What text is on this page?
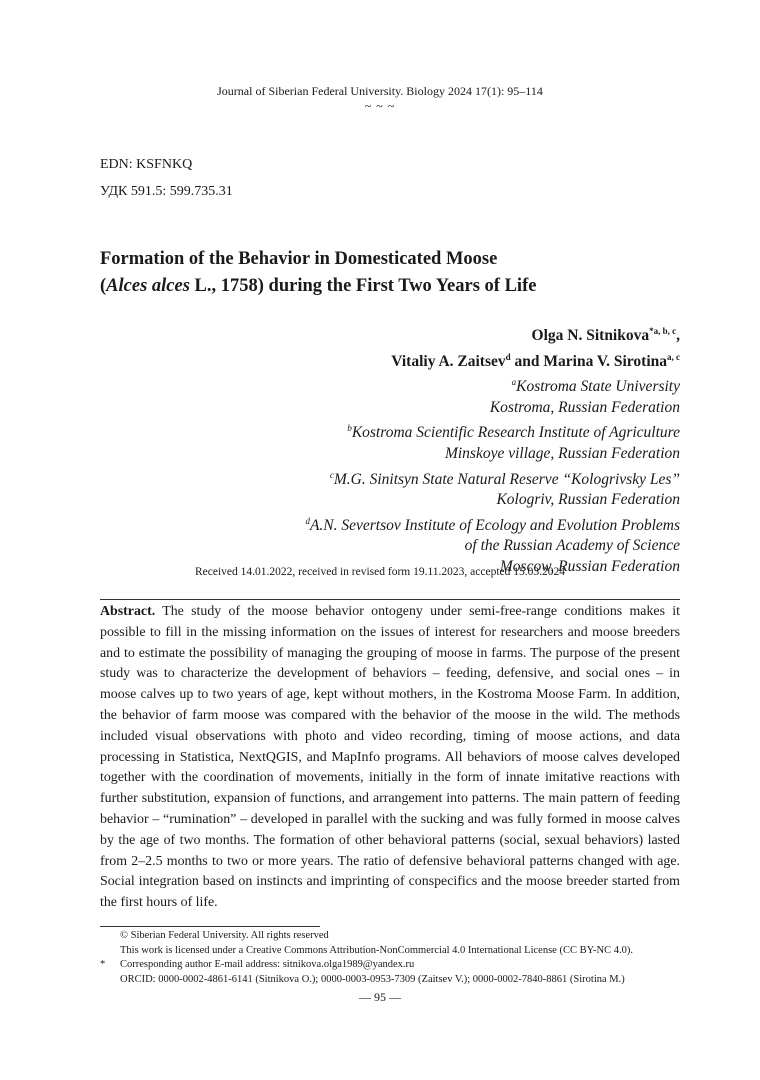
Journal of Siberian Federal University. Biology 2024 17(1): 95–114
~ ~ ~
EDN: KSFNKQ
УДК 591.5: 599.735.31
Formation of the Behavior in Domesticated Moose
(Alces alces L., 1758) during the First Two Years of Life
Olga N. Sitnikova$^{*a, b, c}$,
Vitaliy A. Zaitsev$^d$ and Marina V. Sirotina$^{a, c}$
$^a$Kostroma State University
Kostroma, Russian Federation
$^b$Kostroma Scientific Research Institute of Agriculture
Minskoye village, Russian Federation
$^c$M.G. Sinitsyn State Natural Reserve “Kologrivsky Les”
Kologriv, Russian Federation
$^d$A.N. Severtsov Institute of Ecology and Evolution Problems
of the Russian Academy of Science
Moscow, Russian Federation
Received 14.01.2022, received in revised form 19.11.2023, accepted 15.03.2024
Abstract. The study of the moose behavior ontogeny under semi-free-range conditions makes it possible to fill in the missing information on the issues of interest for researchers and moose breeders and to estimate the possibility of managing the grouping of moose in farms. The purpose of the present study was to characterize the development of behaviors – feeding, defensive, and social ones – in moose calves up to two years of age, kept without mothers, in the Kostroma Moose Farm. In addition, the behavior of farm moose was compared with the behavior of the moose in the wild. The methods included visual observations with photo and video recording, timing of moose actions, and data processing in Statistica, NextQGIS, and MapInfo programs. All behaviors of moose calves developed together with the coordination of movements, initially in the form of innate imitative reactions with further substitution, expansion of functions, and arrangement into patterns. The main pattern of feeding behavior – “rumination” – developed in parallel with the sucking and was fully formed in moose calves by the age of two months. The formation of other behavioral patterns (social, sexual behaviors) lasted from 2–2.5 months to two or more years. The ratio of defensive behavioral patterns changed with age. Social integration based on instincts and imprinting of conspecifics and the moose breeder started from the first hours of life.
© Siberian Federal University. All rights reserved
This work is licensed under a Creative Commons Attribution-NonCommercial 4.0 International License (CC BY-NC 4.0).
* Corresponding author E-mail address: sitnikova.olga1989@yandex.ru
ORCID: 0000-0002-4861-6141 (Sitnikova O.); 0000-0003-0953-7309 (Zaitsev V.); 0000-0002-7840-8861 (Sirotina M.)
— 95 —
